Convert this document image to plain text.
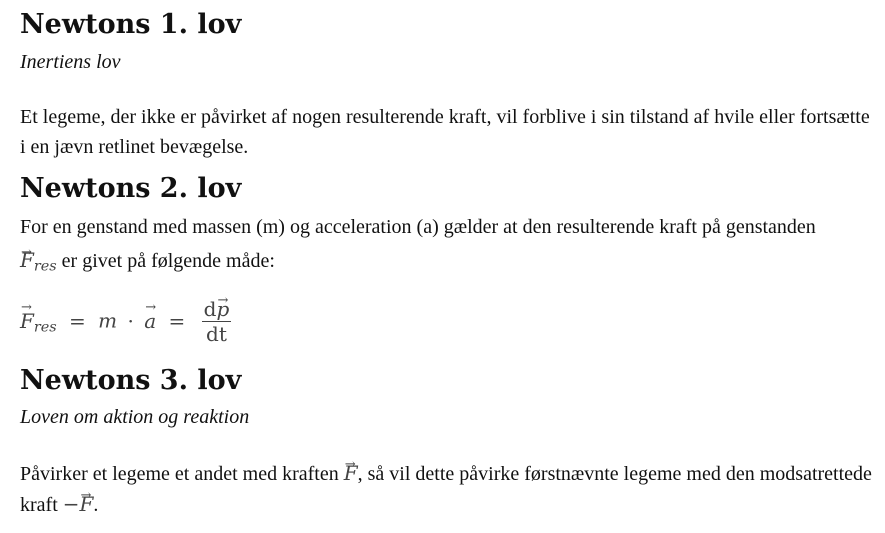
Newtons 1. lov

Inertiens lov

Et legeme, der ikke er påvirket af nogen resulterende kraft, vil forblive i sin tilstand af hvile eller fortsætte i en jævn retlinet bevægelse.

Newtons 2. lov

For en genstand med massen (m) og acceleration (a) gælder at den resulterende kraft på genstanden → $F_{res}$ er givet på følgende måde:

→ $F_{res} = m$ · → $a = \frac{d\to p}{dt}$
Newtons 3. lov

Loven om aktion og reaktion

Påvirker et legeme et andet med kraften → F, så vil dette påvirke førstnævnte legeme med den modsatrettede kraft −→ F.
